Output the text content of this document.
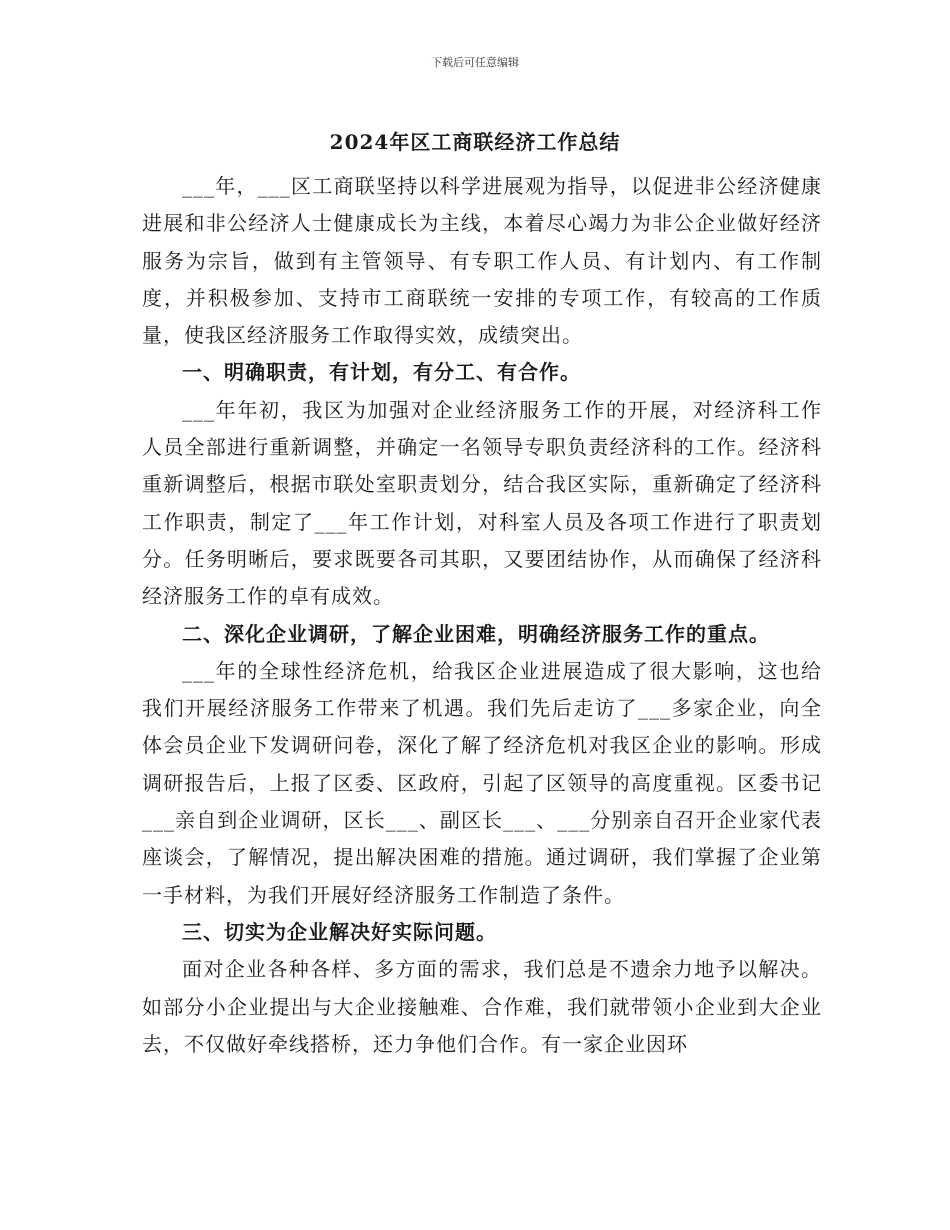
下载后可任意编辑
2024年区工商联经济工作总结

___年，___区工商联坚持以科学进展观为指导，以促进非公经济健康进展和非公经济人士健康成长为主线，本着尽心竭力为非公企业做好经济服务为宗旨，做到有主管领导、有专职工作人员、有计划内、有工作制度，并积极参加、支持市工商联统一安排的专项工作，有较高的工作质量，使我区经济服务工作取得实效，成绩突出。

一、明确职责，有计划，有分工、有合作。

___年年初，我区为加强对企业经济服务工作的开展，对经济科工作人员全部进行重新调整，并确定一名领导专职负责经济科的工作。经济科重新调整后，根据市联处室职责划分，结合我区实际，重新确定了经济科工作职责，制定了___年工作计划，对科室人员及各项工作进行了职责划分。任务明晰后，要求既要各司其职，又要团结协作，从而确保了经济科经济服务工作的卓有成效。

二、深化企业调研，了解企业困难，明确经济服务工作的重点。

___年的全球性经济危机，给我区企业进展造成了很大影响，这也给我们开展经济服务工作带来了机遇。我们先后走访了___多家企业，向全体会员企业下发调研问卷，深化了解了经济危机对我区企业的影响。形成调研报告后，上报了区委、区政府，引起了区领导的高度重视。区委书记___亲自到企业调研，区长___、副区长___、___分别亲自召开企业家代表座谈会，了解情况，提出解决困难的措施。通过调研，我们掌握了企业第一手材料，为我们开展好经济服务工作制造了条件。

三、切实为企业解决好实际问题。

面对企业各种各样、多方面的需求，我们总是不遗余力地予以解决。如部分小企业提出与大企业接触难、合作难，我们就带领小企业到大企业去，不仅做好牵线搭桥，还力争他们合作。有一家企业因环
